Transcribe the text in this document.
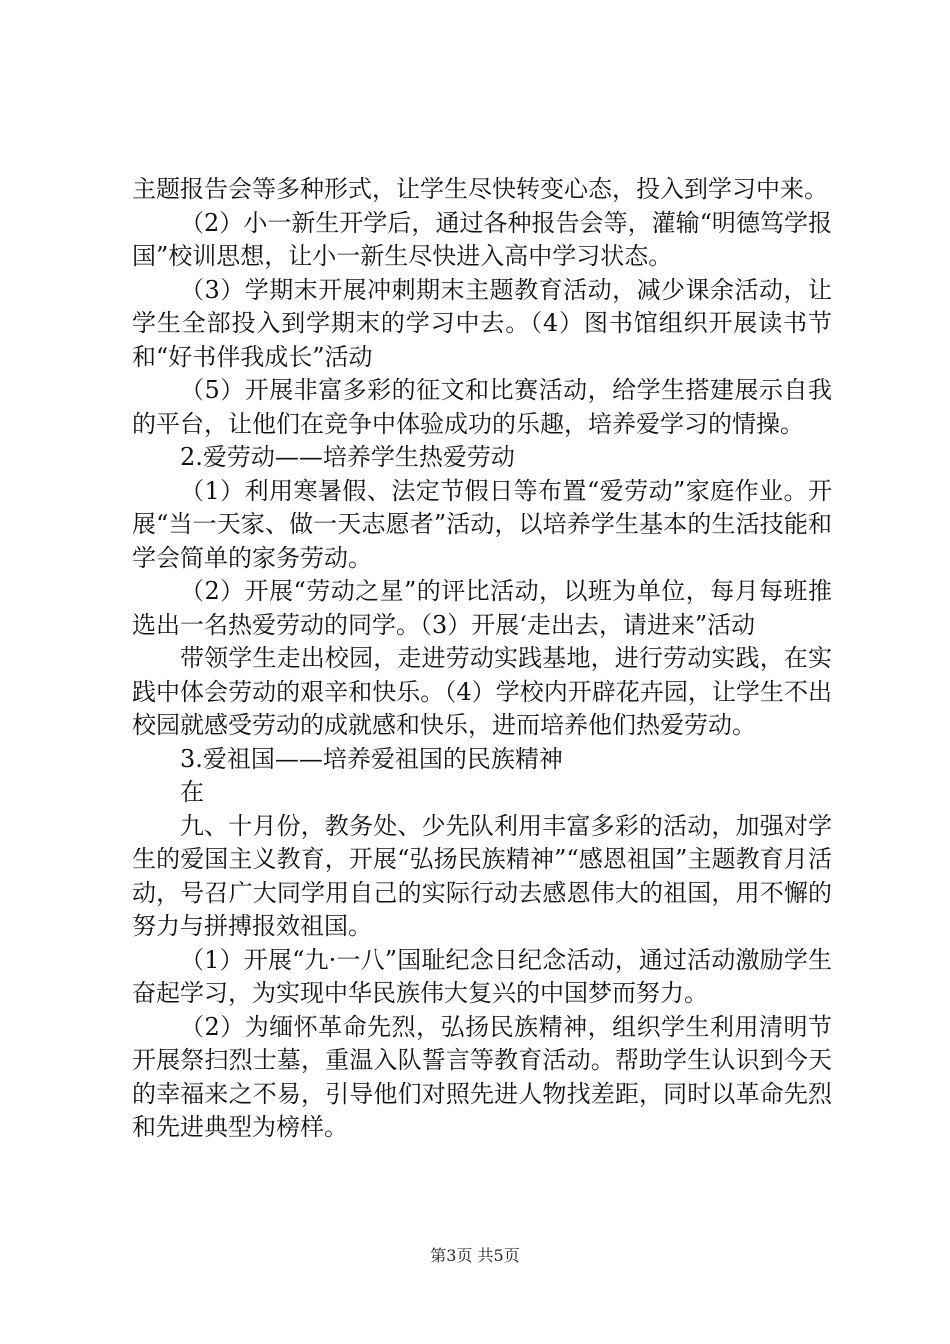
主题报告会等多种形式，让学生尽快转变心态，投入到学习中来。

（2）小一新生开学后，通过各种报告会等，灌输“明德笃学报国”校训思想，让小一新生尽快进入高中学习状态。

（3）学期末开展冲刺期末主题教育活动，减少课余活动，让学生全部投入到学期末的学习中去。（4）图书馆组织开展读书节和“好书伴我成长”活动

（5）开展非富多彩的征文和比赛活动，给学生搭建展示自我的平台，让他们在竞争中体验成功的乐趣，培养爱学习的情操。

2.爱劳动——培养学生热爱劳动

（1）利用寒暑假、法定节假日等布置“爱劳动”家庭作业。开展“当一天家、做一天志愿者”活动，以培养学生基本的生活技能和学会简单的家务劳动。

（2）开展“劳动之星”的评比活动，以班为单位，每月每班推选出一名热爱劳动的同学。（3）开展‘走出去，请进来”活动

带领学生走出校园，走进劳动实践基地，进行劳动实践，在实践中体会劳动的艰辛和快乐。（4）学校内开辟花卉园，让学生不出校园就感受劳动的成就感和快乐，进而培养他们热爱劳动。

3.爱祖国——培养爱祖国的民族精神

在

九、十月份，教务处、少先队利用丰富多彩的活动，加强对学生的爱国主义教育，开展“弘扬民族精神”“感恩祖国”主题教育月活动，号召广大同学用自己的实际行动去感恩伟大的祖国，用不懈的努力与拼搏报效祖国。

（1）开展“九·一八”国耻纪念日纪念活动，通过活动激励学生奋起学习，为实现中华民族伟大复兴的中国梦而努力。

（2）为缅怀革命先烈，弘扬民族精神，组织学生利用清明节开展祭扫烈士墓，重温入队誓言等教育活动。帮助学生认识到今天的幸福来之不易，引导他们对照先进人物找差距，同时以革命先烈和先进典型为榜样。

第3页 共5页
